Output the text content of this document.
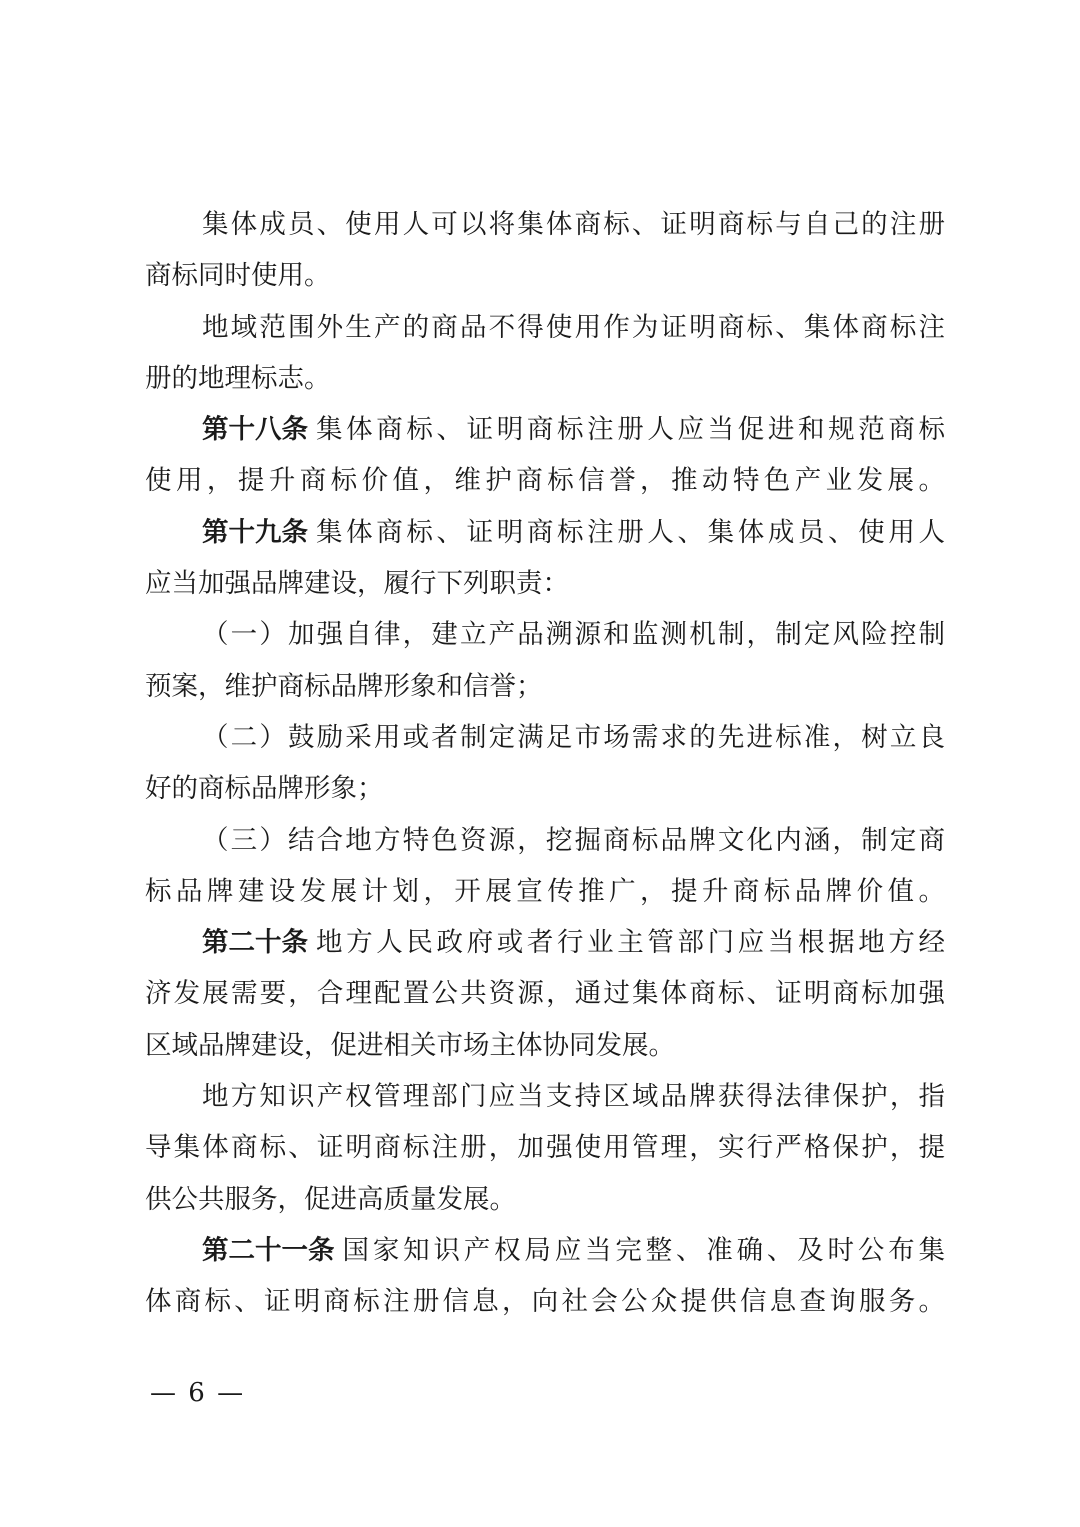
集体成员、使用人可以将集体商标、证明商标与自己的注册
商标同时使用。
地域范围外生产的商品不得使用作为证明商标、集体商标注
册的地理标志。
第十八条 集体商标、证明商标注册人应当促进和规范商标
使用，提升商标价值，维护商标信誉，推动特色产业发展。
第十九条 集体商标、证明商标注册人、集体成员、使用人
应当加强品牌建设，履行下列职责：
（一）加强自律，建立产品溯源和监测机制，制定风险控制
预案，维护商标品牌形象和信誉；
（二）鼓励采用或者制定满足市场需求的先进标准，树立良
好的商标品牌形象；
（三）结合地方特色资源，挖掘商标品牌文化内涵，制定商
标品牌建设发展计划，开展宣传推广，提升商标品牌价值。
第二十条 地方人民政府或者行业主管部门应当根据地方经
济发展需要，合理配置公共资源，通过集体商标、证明商标加强
区域品牌建设，促进相关市场主体协同发展。
地方知识产权管理部门应当支持区域品牌获得法律保护，指
导集体商标、证明商标注册，加强使用管理，实行严格保护，提
供公共服务，促进高质量发展。
第二十一条 国家知识产权局应当完整、准确、及时公布集
体商标、证明商标注册信息，向社会公众提供信息查询服务。
— 6 —
